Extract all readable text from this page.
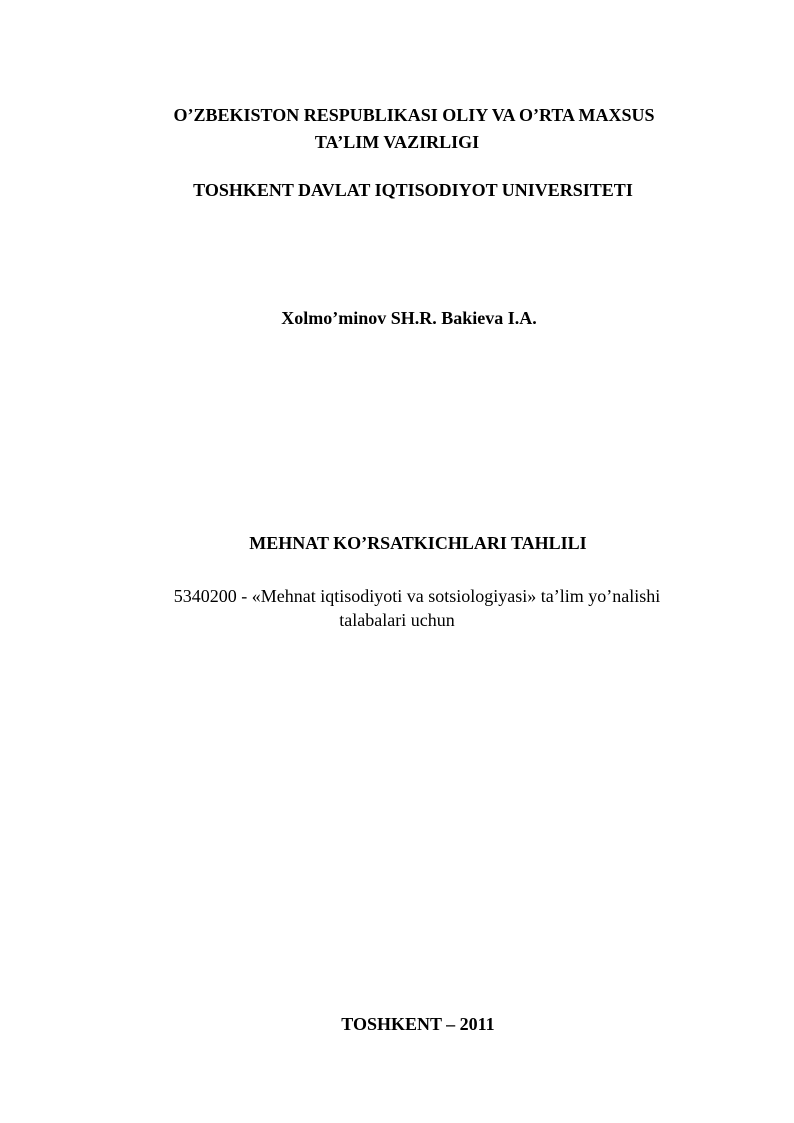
O’ZBEKISTON RESPUBLIKASI OLIY VA O’RTA MAXSUS
TA’LIM VAZIRLIGI
TOSHKENT DAVLAT IQTISODIYOT UNIVERSITETI
Xolmo’minov SH.R. Bakieva I.A.
MEHNAT KO’RSATKICHLARI TAHLILI
5340200 - «Mehnat iqtisodiyoti va sotsiologiyasi» ta’lim yo’nalishi
talabalari uchun
TOSHKENT – 2011
